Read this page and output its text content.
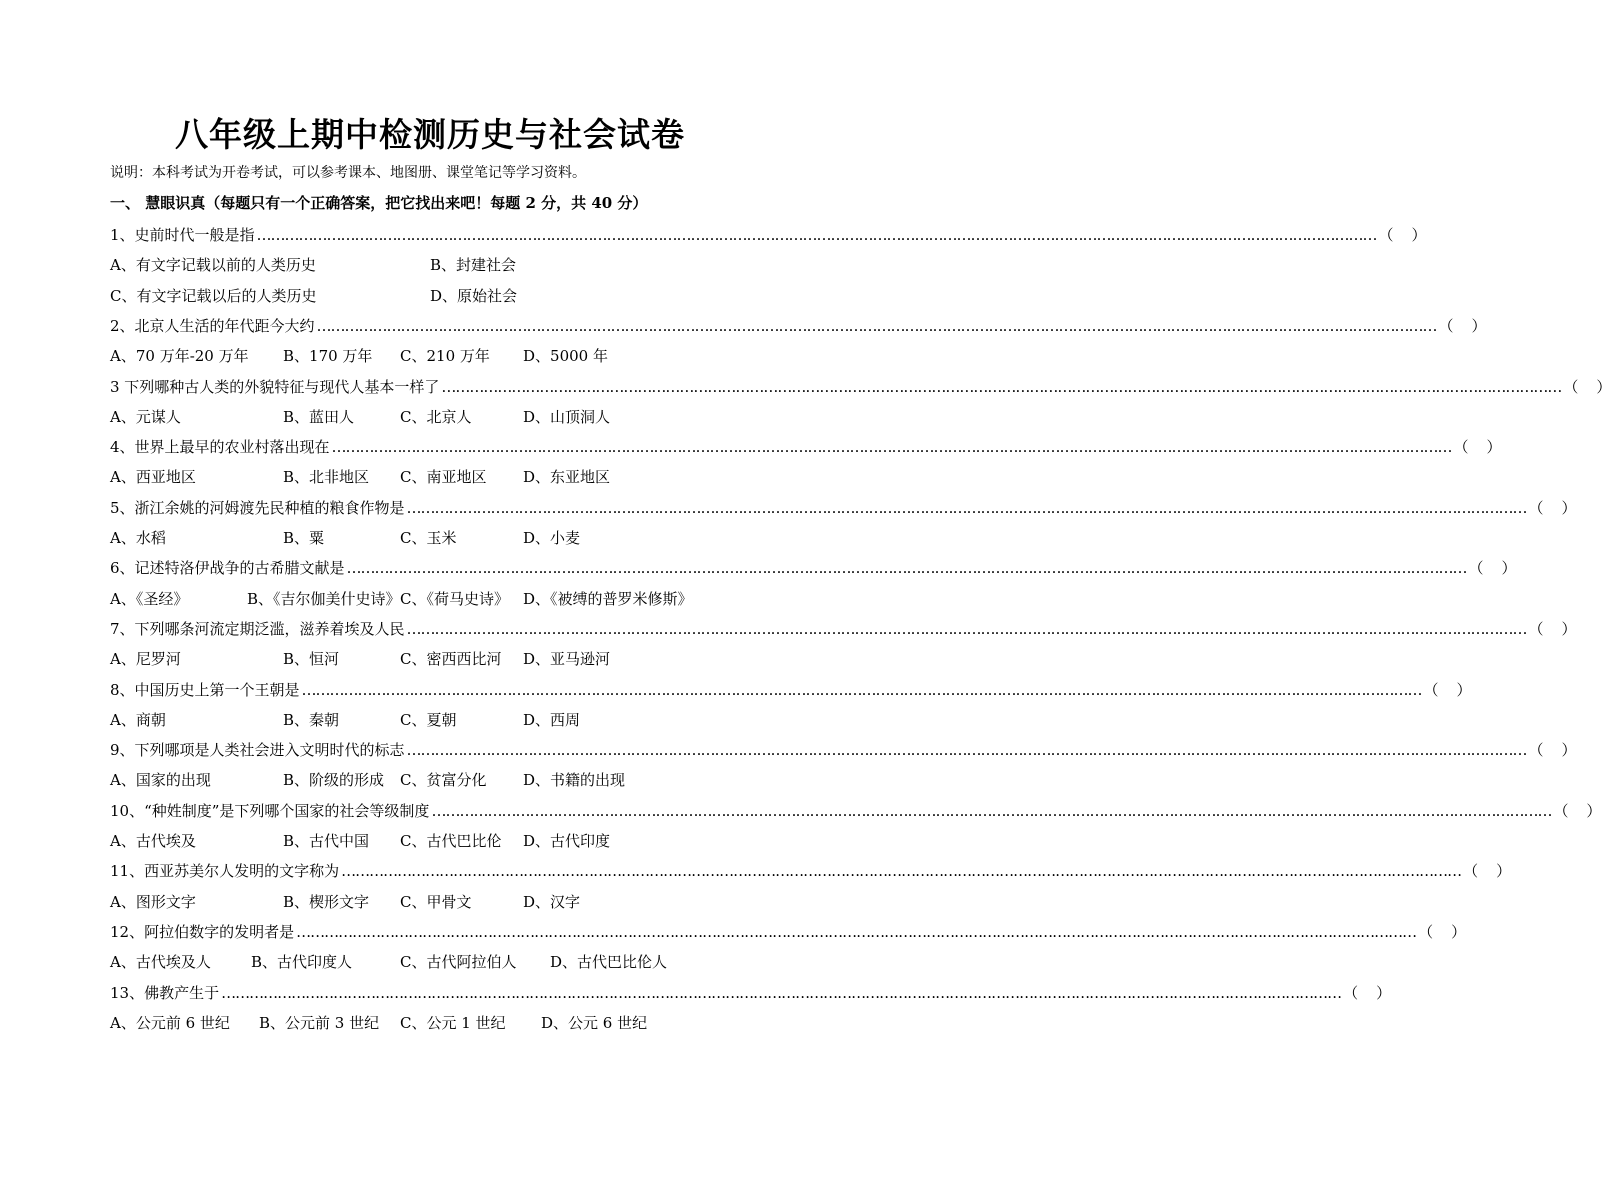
八年级上期中检测历史与社会试卷
说明：本科考试为开卷考试，可以参考课本、地图册、课堂笔记等学习资料。
一、 慧眼识真（每题只有一个正确答案，把它找出来吧！每题 2 分，共 40 分）
1、史前时代一般是指 …………………………………………………………………………………………………………………………………………………………………………………………………………………… （ ）
A、有文字记载以前的人类历史	B、封建社会
C、有文字记载以后的人类历史	D、原始社会
2、北京人生活的年代距今大约 …………………………………………………………………………………………………………………………………………………………………………………………………………………… （ ）
A、70 万年-20 万年 B、170 万年 C、210 万年 D、5000 年
3 下列哪种古人类的外貌特征与现代人基本一样了 …………………………………………………………………………………………………………………………………………………………………………………………………………………… （ ）
A、元谋人	B、蓝田人	C、北京人	D、山顶洞人
4、世界上最早的农业村落出现在 …………………………………………………………………………………………………………………………………………………………………………………………………………………… （ ）
A、西亚地区	B、北非地区 C、南亚地区 D、东亚地区
5、浙江余姚的河姆渡先民种植的粮食作物是 …………………………………………………………………………………………………………………………………………………………………………………………………………………… （ ）
A、水稻	B、粟	C、玉米	D、小麦
6、记述特洛伊战争的古希腊文献是 …………………………………………………………………………………………………………………………………………………………………………………………………………………… （ ）
A、《圣经》	B、《吉尔伽美什史诗》 C、《荷马史诗》 D、《被缚的普罗米修斯》
7、下列哪条河流定期泛滥，滋养着埃及人民 …………………………………………………………………………………………………………………………………………………………………………………………………………………… （ ）
A、尼罗河	B、恒河	C、密西西比河 D、亚马逊河
8、中国历史上第一个王朝是 …………………………………………………………………………………………………………………………………………………………………………………………………………………… （ ）
A、商朝	B、秦朝	C、夏朝	D、西周
9、下列哪项是人类社会进入文明时代的标志 …………………………………………………………………………………………………………………………………………………………………………………………………………………… （ ）
A、国家的出现	B、阶级的形成 C、贫富分化 D、书籍的出现
10、“种姓制度”是下列哪个国家的社会等级制度 …………………………………………………………………………………………………………………………………………………………………………………………………………………… （ ）
A、古代埃及	B、古代中国 C、古代巴比伦 D、古代印度
11、西亚苏美尔人发明的文字称为 …………………………………………………………………………………………………………………………………………………………………………………………………………………… （ ）
A、图形文字	B、楔形文字 C、甲骨文	D、汉字
12、阿拉伯数字的发明者是 …………………………………………………………………………………………………………………………………………………………………………………………………………………… （ ）
A、古代埃及人	B、古代印度人	C、古代阿拉伯人 D、古代巴比伦人
13、佛教产生于 …………………………………………………………………………………………………………………………………………………………………………………………………………………… （ ）
A、公元前 6 世纪 B、公元前 3 世纪 C、公元 1 世纪 D、公元 6 世纪
